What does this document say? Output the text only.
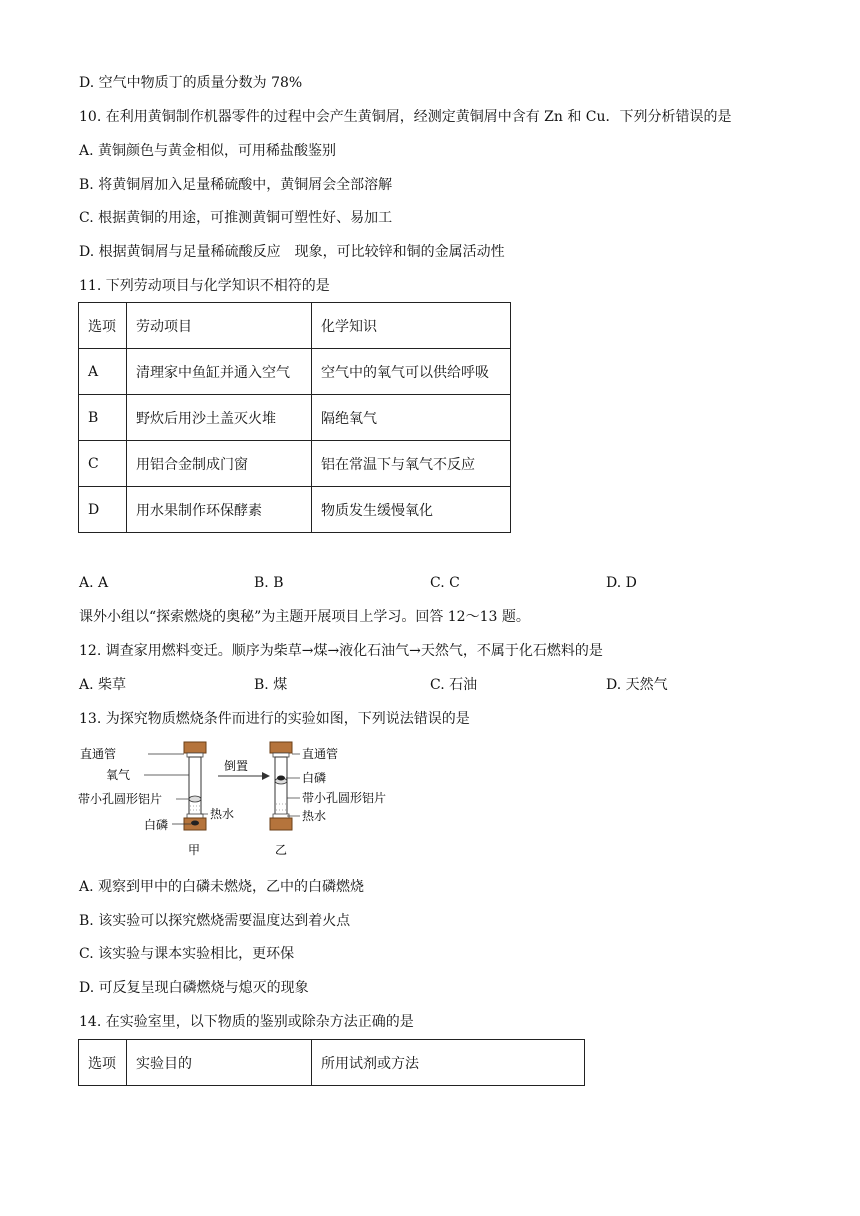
D. 空气中物质丁的质量分数为 78%
10. 在利用黄铜制作机器零件的过程中会产生黄铜屑，经测定黄铜屑中含有 Zn 和 Cu．下列分析错误的是
A. 黄铜颜色与黄金相似，可用稀盐酸鉴别
B. 将黄铜屑加入足量稀硫酸中，黄铜屑会全部溶解
C. 根据黄铜的用途，可推测黄铜可塑性好、易加工
D. 根据黄铜屑与足量稀硫酸反应　现象，可比较锌和铜的金属活动性
11. 下列劳动项目与化学知识不相符的是
选项	劳动项目	化学知识
A	清理家中鱼缸并通入空气	空气中的氧气可以供给呼吸
B	野炊后用沙土盖灭火堆	隔绝氧气
C	用铝合金制成门窗	铝在常温下与氧气不反应
D	用水果制作环保酵素	物质发生缓慢氧化
A. A	B. B	C. C	D. D
课外小组以“探索燃烧的奥秘”为主题开展项目上学习。回答 12～13 题。
12. 调查家用燃料变迁。顺序为柴草→煤→液化石油气→天然气，不属于化石燃料的是
A. 柴草	B. 煤	C. 石油	D. 天然气
13. 为探究物质燃烧条件而进行的实验如图，下列说法错误的是
直通管
氧气
带小孔圆形铝片
白磷
热水
甲
倒置
直通管
白磷
带小孔圆形铝片
热水
乙
A. 观察到甲中的白磷未燃烧，乙中的白磷燃烧
B. 该实验可以探究燃烧需要温度达到着火点
C. 该实验与课本实验相比，更环保
D. 可反复呈现白磷燃烧与熄灭的现象
14. 在实验室里，以下物质的鉴别或除杂方法正确的是
选项	实验目的	所用试剂或方法
